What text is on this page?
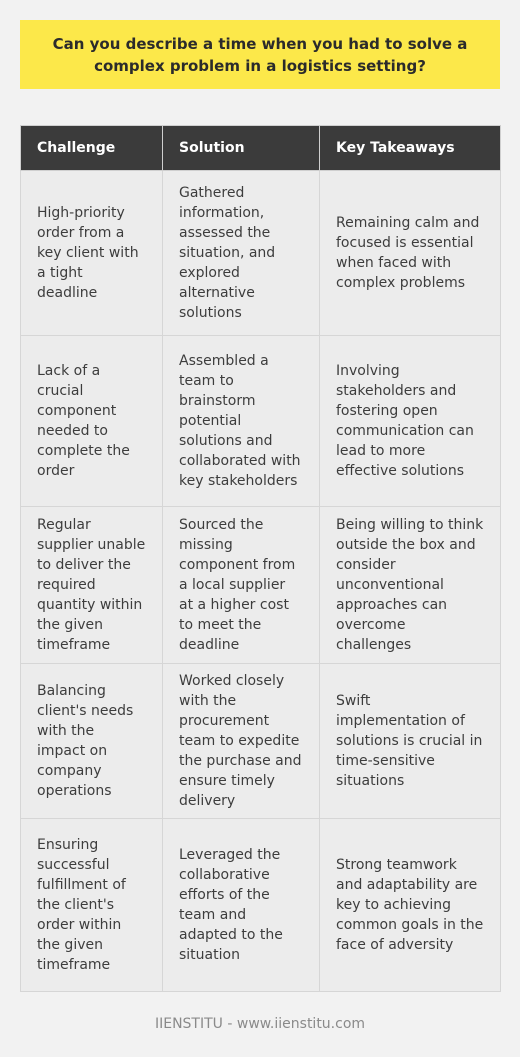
Can you describe a time when you had to solve a complex problem in a logistics setting?
Challenge	Solution	Key Takeaways
High-priority order from a key client with a tight deadline	Gathered information, assessed the situation, and explored alternative solutions	Remaining calm and focused is essential when faced with complex problems
Lack of a crucial component needed to complete the order	Assembled a team to brainstorm potential solutions and collaborated with key stakeholders	Involving stakeholders and fostering open communication can lead to more effective solutions
Regular supplier unable to deliver the required quantity within the given timeframe	Sourced the missing component from a local supplier at a higher cost to meet the deadline	Being willing to think outside the box and consider unconventional approaches can overcome challenges
Balancing client's needs with the impact on company operations	Worked closely with the procurement team to expedite the purchase and ensure timely delivery	Swift implementation of solutions is crucial in time-sensitive situations
Ensuring successful fulfillment of the client's order within the given timeframe	Leveraged the collaborative efforts of the team and adapted to the situation	Strong teamwork and adaptability are key to achieving common goals in the face of adversity
IIENSTITU - www.iienstitu.com
